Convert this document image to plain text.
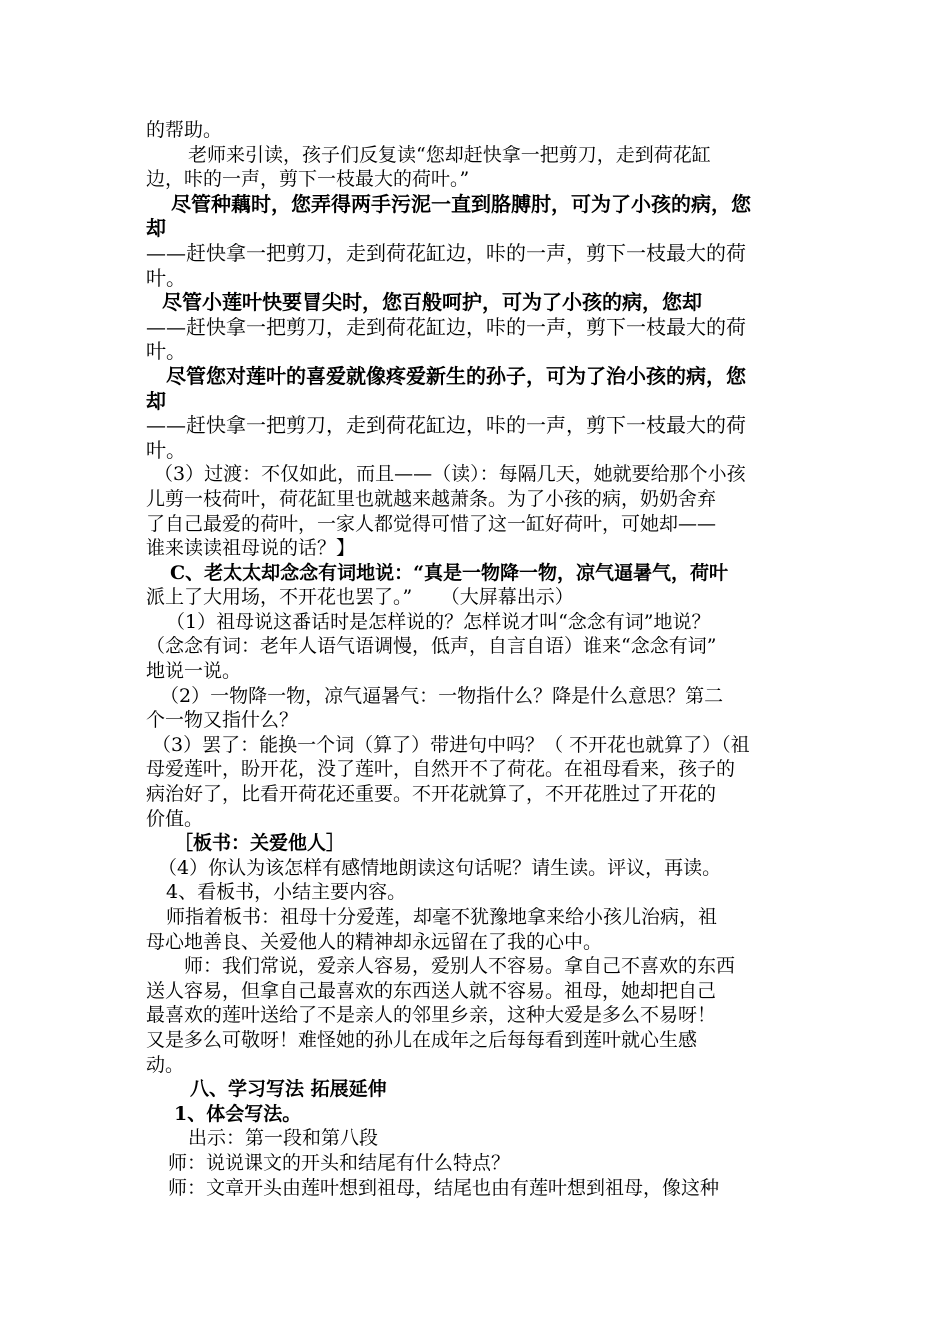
的帮助。
老师来引读，孩子们反复读“您却赶快拿一把剪刀，走到荷花缸
边，咔的一声，剪下一枝最大的荷叶。”
尽管种藕时，您弄得两手污泥一直到胳膊肘，可为了小孩的病，您
却
——赶快拿一把剪刀，走到荷花缸边，咔的一声，剪下一枝最大的荷
叶。
尽管小莲叶快要冒尖时，您百般呵护，可为了小孩的病，您却
——赶快拿一把剪刀，走到荷花缸边，咔的一声，剪下一枝最大的荷
叶。
尽管您对莲叶的喜爱就像疼爱新生的孙子，可为了治小孩的病，您
却
——赶快拿一把剪刀，走到荷花缸边，咔的一声，剪下一枝最大的荷
叶。
（3）过渡：不仅如此，而且——（读）：每隔几天，她就要给那个小孩
儿剪一枝荷叶，荷花缸里也就越来越萧条。为了小孩的病，奶奶舍弃
了自己最爱的荷叶，一家人都觉得可惜了这一缸好荷叶，可她却——
谁来读读祖母说的话？】
C、老太太却念念有词地说：“真是一物降一物，凉气逼暑气，荷叶
派上了大用场，不开花也罢了。”　　（大屏幕出示）
（1）祖母说这番话时是怎样说的？怎样说才叫“念念有词”地说？
（念念有词：老年人语气语调慢，低声，自言自语）谁来“念念有词”
地说一说。
（2）一物降一物，凉气逼暑气：一物指什么？降是什么意思？第二
个一物又指什么？
（3）罢了：能换一个词（算了）带进句中吗？（ 不开花也就算了）（祖
母爱莲叶，盼开花，没了莲叶，自然开不了荷花。在祖母看来，孩子的
病治好了，比看开荷花还重要。不开花就算了，不开花胜过了开花的
价值。
［板书：关爱他人］
（4）你认为该怎样有感情地朗读这句话呢？请生读。评议，再读。
4、看板书，小结主要内容。
师指着板书：祖母十分爱莲，却毫不犹豫地拿来给小孩儿治病，祖
母心地善良、关爱他人的精神却永远留在了我的心中。
师：我们常说，爱亲人容易，爱别人不容易。拿自己不喜欢的东西
送人容易，但拿自己最喜欢的东西送人就不容易。祖母，她却把自己
最喜欢的莲叶送给了不是亲人的邻里乡亲，这种大爱是多么不易呀！
又是多么可敬呀！难怪她的孙儿在成年之后每每看到莲叶就心生感
动。
八、学习写法 拓展延伸
1、体会写法。
出示：第一段和第八段
师：说说课文的开头和结尾有什么特点？
师：文章开头由莲叶想到祖母，结尾也由有莲叶想到祖母，像这种
